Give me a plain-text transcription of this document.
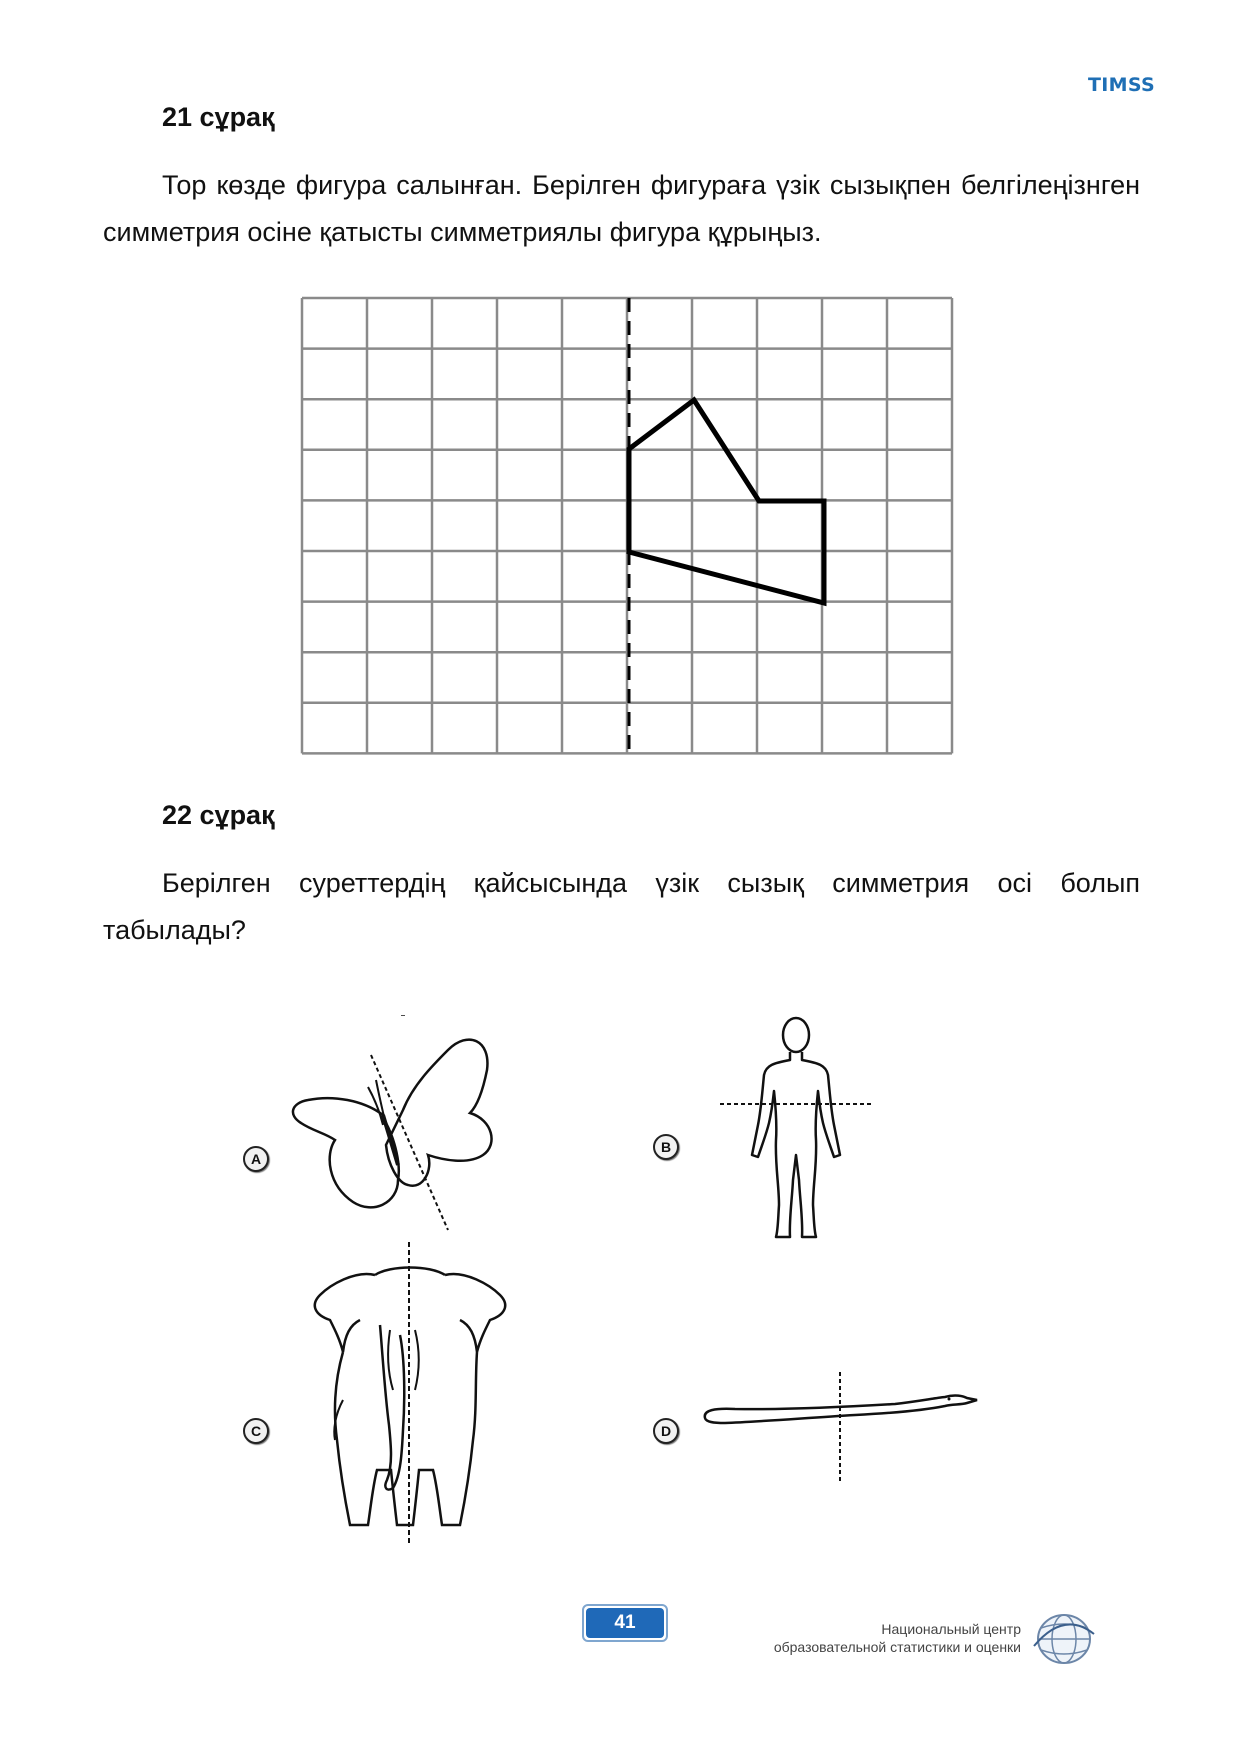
TIMSS
21 сұрақ

Тор көзде фигура салынған. Берілген фигураға үзік сызықпен белгілеңізнген симметрия осіне қатысты симметриялы фигура құрыңыз.

22 сұрақ

Берілген суреттердің қайсысында үзік сызық симметрия осі болып табылады?

A
B
C	D
41	Национальный центр
образовательной статистики и оценки
